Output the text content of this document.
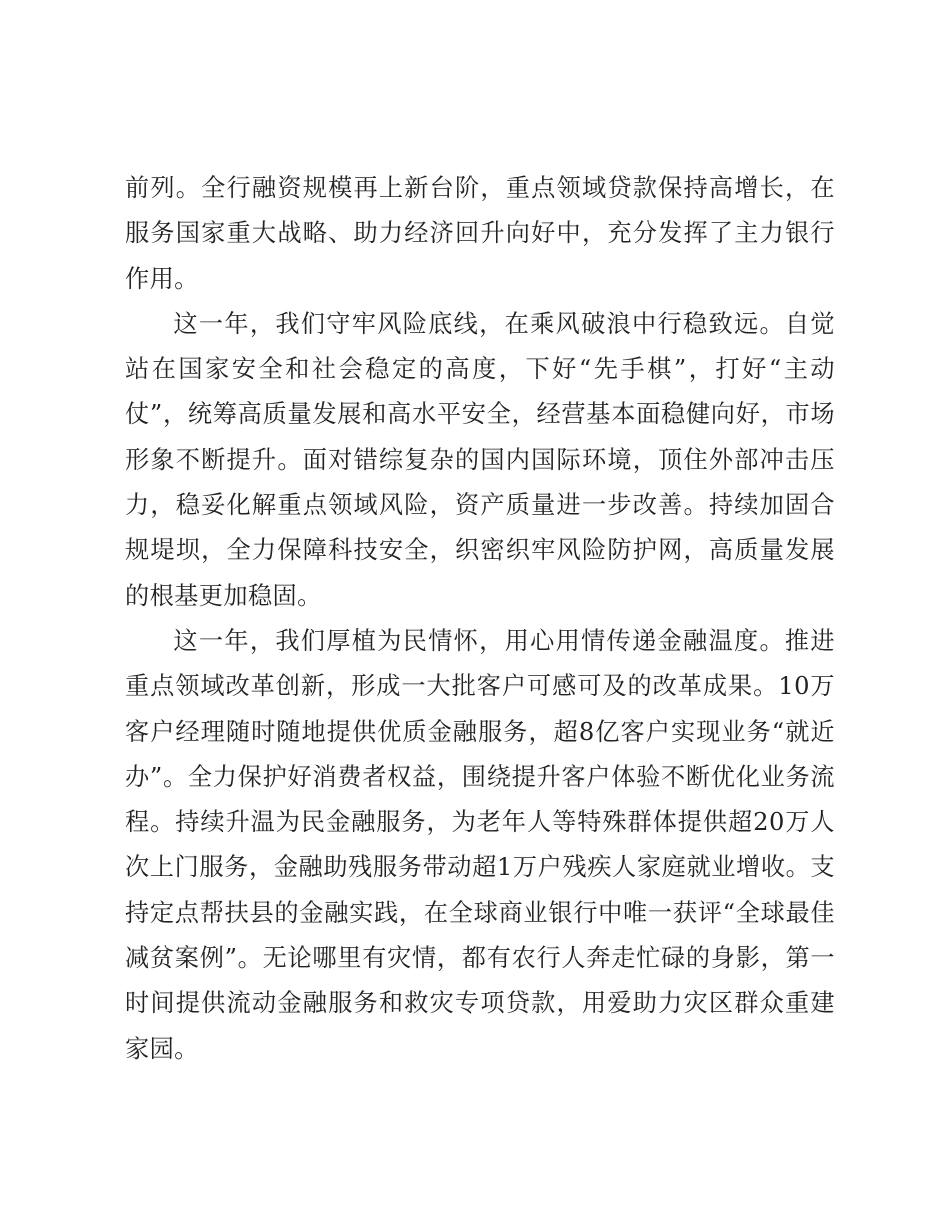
前列。全行融资规模再上新台阶，重点领域贷款保持高增长，在服务国家重大战略、助力经济回升向好中，充分发挥了主力银行作用。

这一年，我们守牢风险底线，在乘风破浪中行稳致远。自觉站在国家安全和社会稳定的高度，下好“先手棋”，打好“主动仗”，统筹高质量发展和高水平安全，经营基本面稳健向好，市场形象不断提升。面对错综复杂的国内国际环境，顶住外部冲击压力，稳妥化解重点领域风险，资产质量进一步改善。持续加固合规堤坝，全力保障科技安全，织密织牢风险防护网，高质量发展的根基更加稳固。

这一年，我们厚植为民情怀，用心用情传递金融温度。推进重点领域改革创新，形成一大批客户可感可及的改革成果。10万客户经理随时随地提供优质金融服务，超8亿客户实现业务“就近办”。全力保护好消费者权益，围绕提升客户体验不断优化业务流程。持续升温为民金融服务，为老年人等特殊群体提供超20万人次上门服务，金融助残服务带动超1万户残疾人家庭就业增收。支持定点帮扶县的金融实践，在全球商业银行中唯一获评“全球最佳减贫案例”。无论哪里有灾情，都有农行人奔走忙碌的身影，第一时间提供流动金融服务和救灾专项贷款，用爱助力灾区群众重建家园。
